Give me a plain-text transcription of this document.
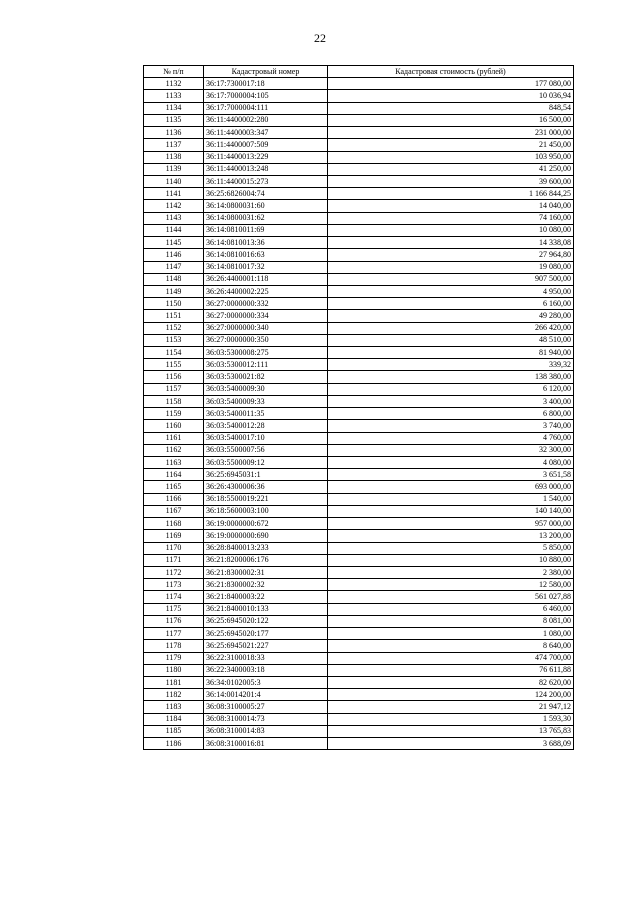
22
№ п/п	Кадастровый номер	Кадастровая стоимость (рублей)
1132	36:17:7300017:18	177 080,00
1133	36:17:7000004:105	10 036,94
1134	36:17:7000004:111	848,54
1135	36:11:4400002:280	16 500,00
1136	36:11:4400003:347	231 000,00
1137	36:11:4400007:509	21 450,00
1138	36:11:4400013:229	103 950,00
1139	36:11:4400013:248	41 250,00
1140	36:11:4400015:273	39 600,00
1141	36:25:6826004:74	1 166 844,25
1142	36:14:0800031:60	14 040,00
1143	36:14:0800031:62	74 160,00
1144	36:14:0810011:69	10 080,00
1145	36:14:0810013:36	14 338,08
1146	36:14:0810016:63	27 964,80
1147	36:14:0810017:32	19 080,00
1148	36:26:4400001:118	907 500,00
1149	36:26:4400002:225	4 950,00
1150	36:27:0000000:332	6 160,00
1151	36:27:0000000:334	49 280,00
1152	36:27:0000000:340	266 420,00
1153	36:27:0000000:350	48 510,00
1154	36:03:5300008:275	81 940,00
1155	36:03:5300012:111	339,32
1156	36:03:5300021:82	138 380,00
1157	36:03:5400009:30	6 120,00
1158	36:03:5400009:33	3 400,00
1159	36:03:5400011:35	6 800,00
1160	36:03:5400012:28	3 740,00
1161	36:03:5400017:10	4 760,00
1162	36:03:5500007:56	32 300,00
1163	36:03:5500009:12	4 080,00
1164	36:25:6945031:1	3 651,58
1165	36:26:4300006:36	693 000,00
1166	36:18:5500019:221	1 540,00
1167	36:18:5600003:100	140 140,00
1168	36:19:0000000:672	957 000,00
1169	36:19:0000000:690	13 200,00
1170	36:28:8400013:233	5 850,00
1171	36:21:8200006:176	10 880,00
1172	36:21:8300002:31	2 380,00
1173	36:21:8300002:32	12 580,00
1174	36:21:8400003:22	561 027,88
1175	36:21:8400010:133	6 460,00
1176	36:25:6945020:122	8 081,00
1177	36:25:6945020:177	1 080,00
1178	36:25:6945021:227	8 640,00
1179	36:22:3100018:33	474 700,00
1180	36:22:3400003:18	76 611,88
1181	36:34:0102005:3	82 620,00
1182	36:14:0014201:4	124 200,00
1183	36:08:3100005:27	21 947,12
1184	36:08:3100014:73	1 593,30
1185	36:08:3100014:83	13 765,83
1186	36:08:3100016:81	3 688,09
